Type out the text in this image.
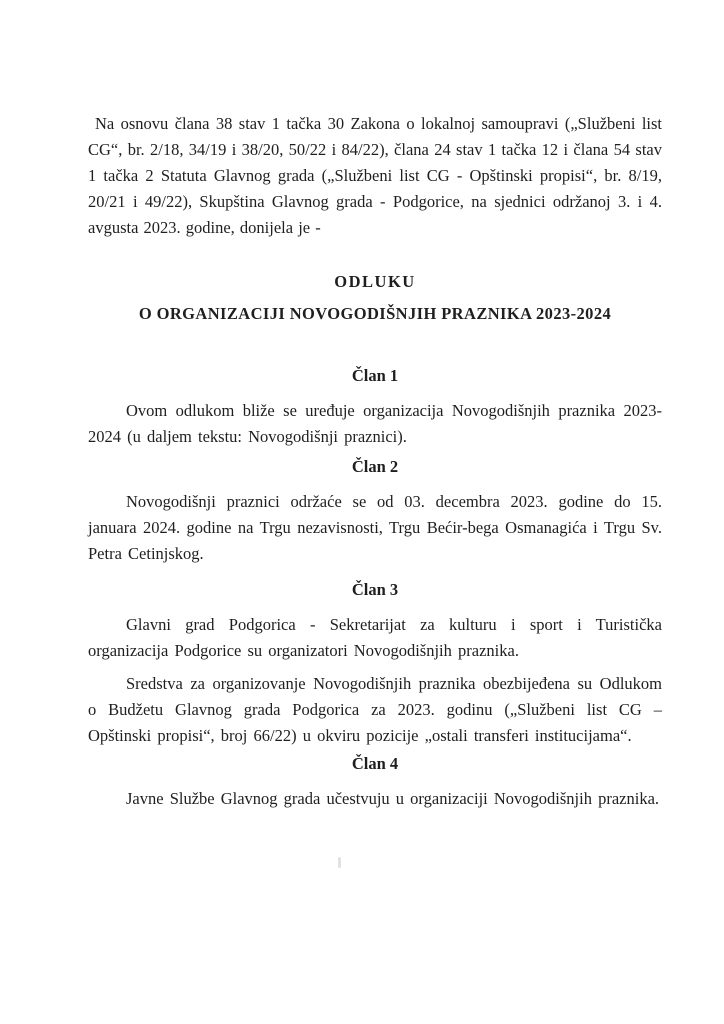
Na osnovu člana 38 stav 1 tačka 30 Zakona o lokalnoj samoupravi („Službeni list CG“, br. 2/18, 34/19 i 38/20, 50/22 i 84/22), člana 24 stav 1 tačka 12 i člana 54 stav 1 tačka 2 Statuta Glavnog grada („Službeni list CG - Opštinski propisi“, br. 8/19, 20/21 i 49/22), Skupština Glavnog grada - Podgorice, na sjednici održanoj 3. i 4. avgusta 2023. godine, donijela je -

ODLUKU
O ORGANIZACIJI NOVOGODIŠNJIH PRAZNIKA 2023-2024
Član 1

Ovom odlukom bliže se uređuje organizacija Novogodišnjih praznika 2023-2024 (u daljem tekstu: Novogodišnji praznici).

Član 2

Novogodišnji praznici održaće se od 03. decembra 2023. godine do 15. januara 2024. godine na Trgu nezavisnosti, Trgu Bećir-bega Osmanagića i Trgu Sv. Petra Cetinjskog.

Član 3

Glavni grad Podgorica - Sekretarijat za kulturu i sport i Turistička organizacija Podgorice su organizatori Novogodišnjih praznika.

Sredstva za organizovanje Novogodišnjih praznika obezbijeđena su Odlukom o Budžetu Glavnog grada Podgorica za 2023. godinu („Službeni list CG – Opštinski propisi“, broj 66/22) u okviru pozicije „ostali transferi institucijama“.

Član 4

Javne Službe Glavnog grada učestvuju u organizaciji Novogodišnjih praznika.
